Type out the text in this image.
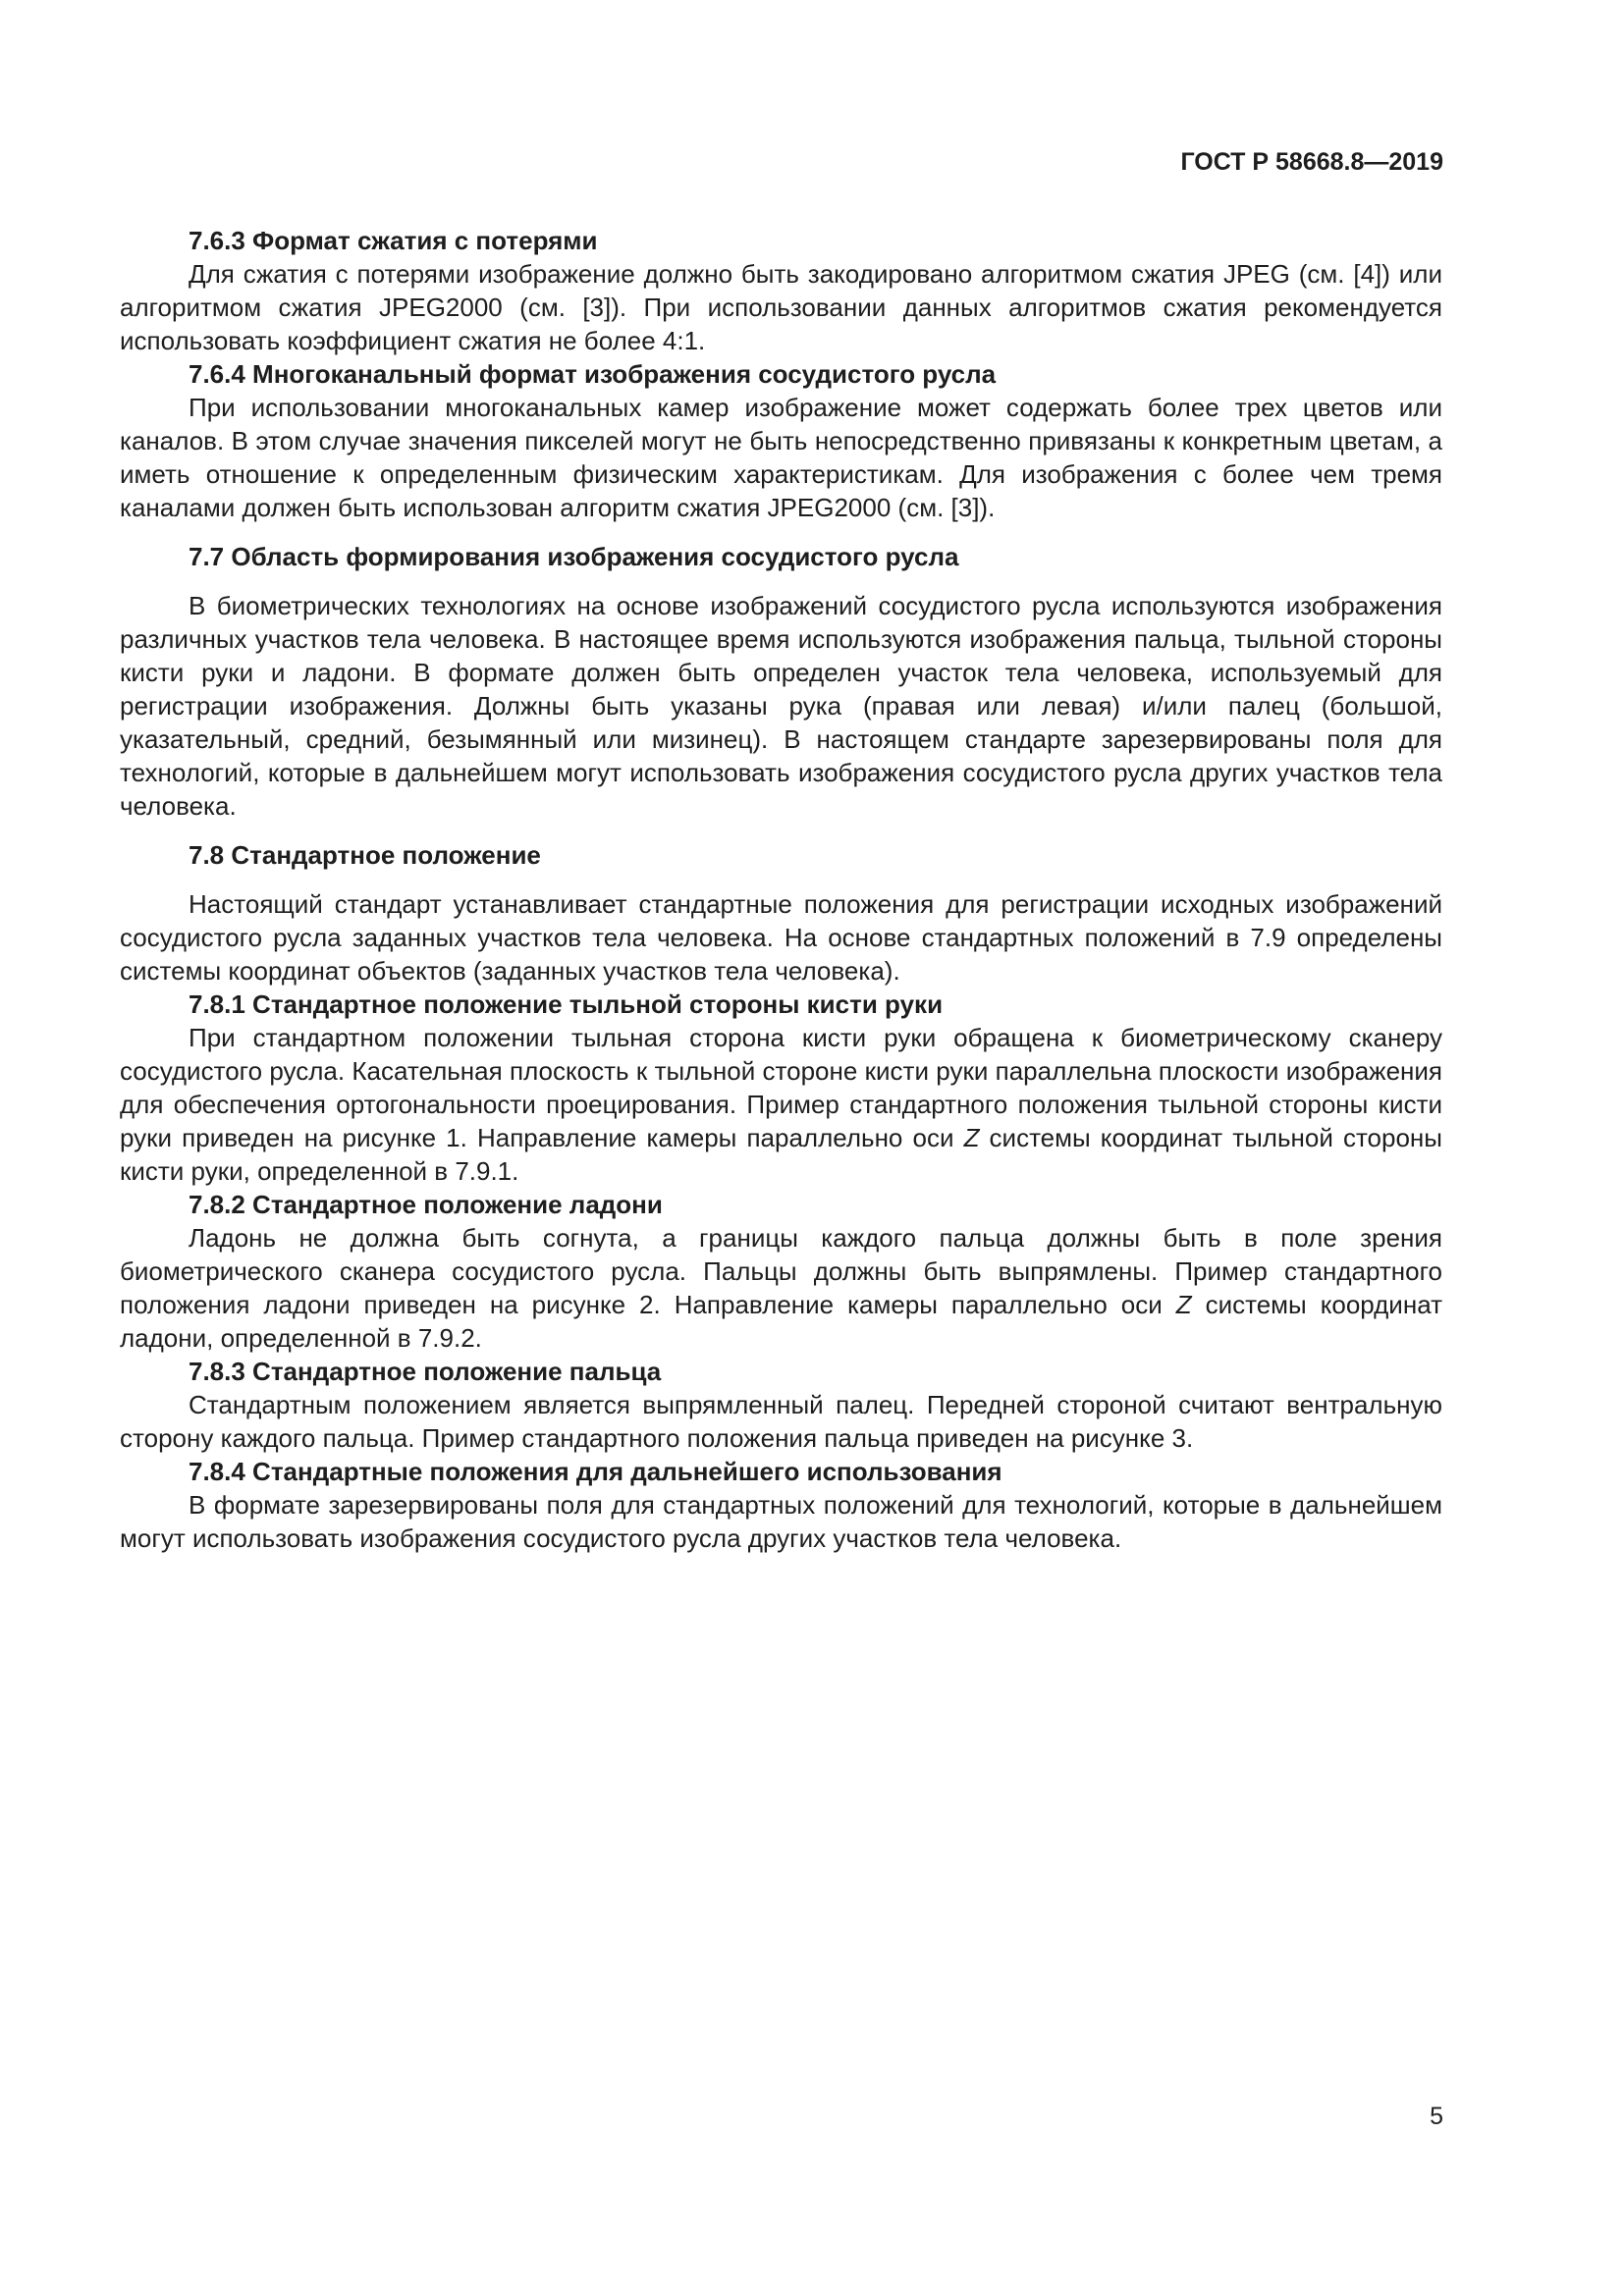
ГОСТ Р 58668.8—2019

7.6.3 Формат сжатия с потерями

Для сжатия с потерями изображение должно быть закодировано алгоритмом сжатия JPEG (см. [4]) или алгоритмом сжатия JPEG2000 (см. [3]). При использовании данных алгоритмов сжатия рекомендуется использовать коэффициент сжатия не более 4:1.

7.6.4 Многоканальный формат изображения сосудистого русла

При использовании многоканальных камер изображение может содержать более трех цветов или каналов. В этом случае значения пикселей могут не быть непосредственно привязаны к конкретным цветам, а иметь отношение к определенным физическим характеристикам. Для изображения с более чем тремя каналами должен быть использован алгоритм сжатия JPEG2000 (см. [3]).

7.7 Область формирования изображения сосудистого русла

В биометрических технологиях на основе изображений сосудистого русла используются изображения различных участков тела человека. В настоящее время используются изображения пальца, тыльной стороны кисти руки и ладони. В формате должен быть определен участок тела человека, используемый для регистрации изображения. Должны быть указаны рука (правая или левая) и/или палец (большой, указательный, средний, безымянный или мизинец). В настоящем стандарте зарезервированы поля для технологий, которые в дальнейшем могут использовать изображения сосудистого русла других участков тела человека.

7.8 Стандартное положение

Настоящий стандарт устанавливает стандартные положения для регистрации исходных изображений сосудистого русла заданных участков тела человека. На основе стандартных положений в 7.9 определены системы координат объектов (заданных участков тела человека).

7.8.1 Стандартное положение тыльной стороны кисти руки

При стандартном положении тыльная сторона кисти руки обращена к биометрическому сканеру сосудистого русла. Касательная плоскость к тыльной стороне кисти руки параллельна плоскости изображения для обеспечения ортогональности проецирования. Пример стандартного положения тыльной стороны кисти руки приведен на рисунке 1. Направление камеры параллельно оси Z системы координат тыльной стороны кисти руки, определенной в 7.9.1.

7.8.2 Стандартное положение ладони

Ладонь не должна быть согнута, а границы каждого пальца должны быть в поле зрения биометрического сканера сосудистого русла. Пальцы должны быть выпрямлены. Пример стандартного положения ладони приведен на рисунке 2. Направление камеры параллельно оси Z системы координат ладони, определенной в 7.9.2.

7.8.3 Стандартное положение пальца

Стандартным положением является выпрямленный палец. Передней стороной считают вентральную сторону каждого пальца. Пример стандартного положения пальца приведен на рисунке 3.

7.8.4 Стандартные положения для дальнейшего использования

В формате зарезервированы поля для стандартных положений для технологий, которые в дальнейшем могут использовать изображения сосудистого русла других участков тела человека.

5
